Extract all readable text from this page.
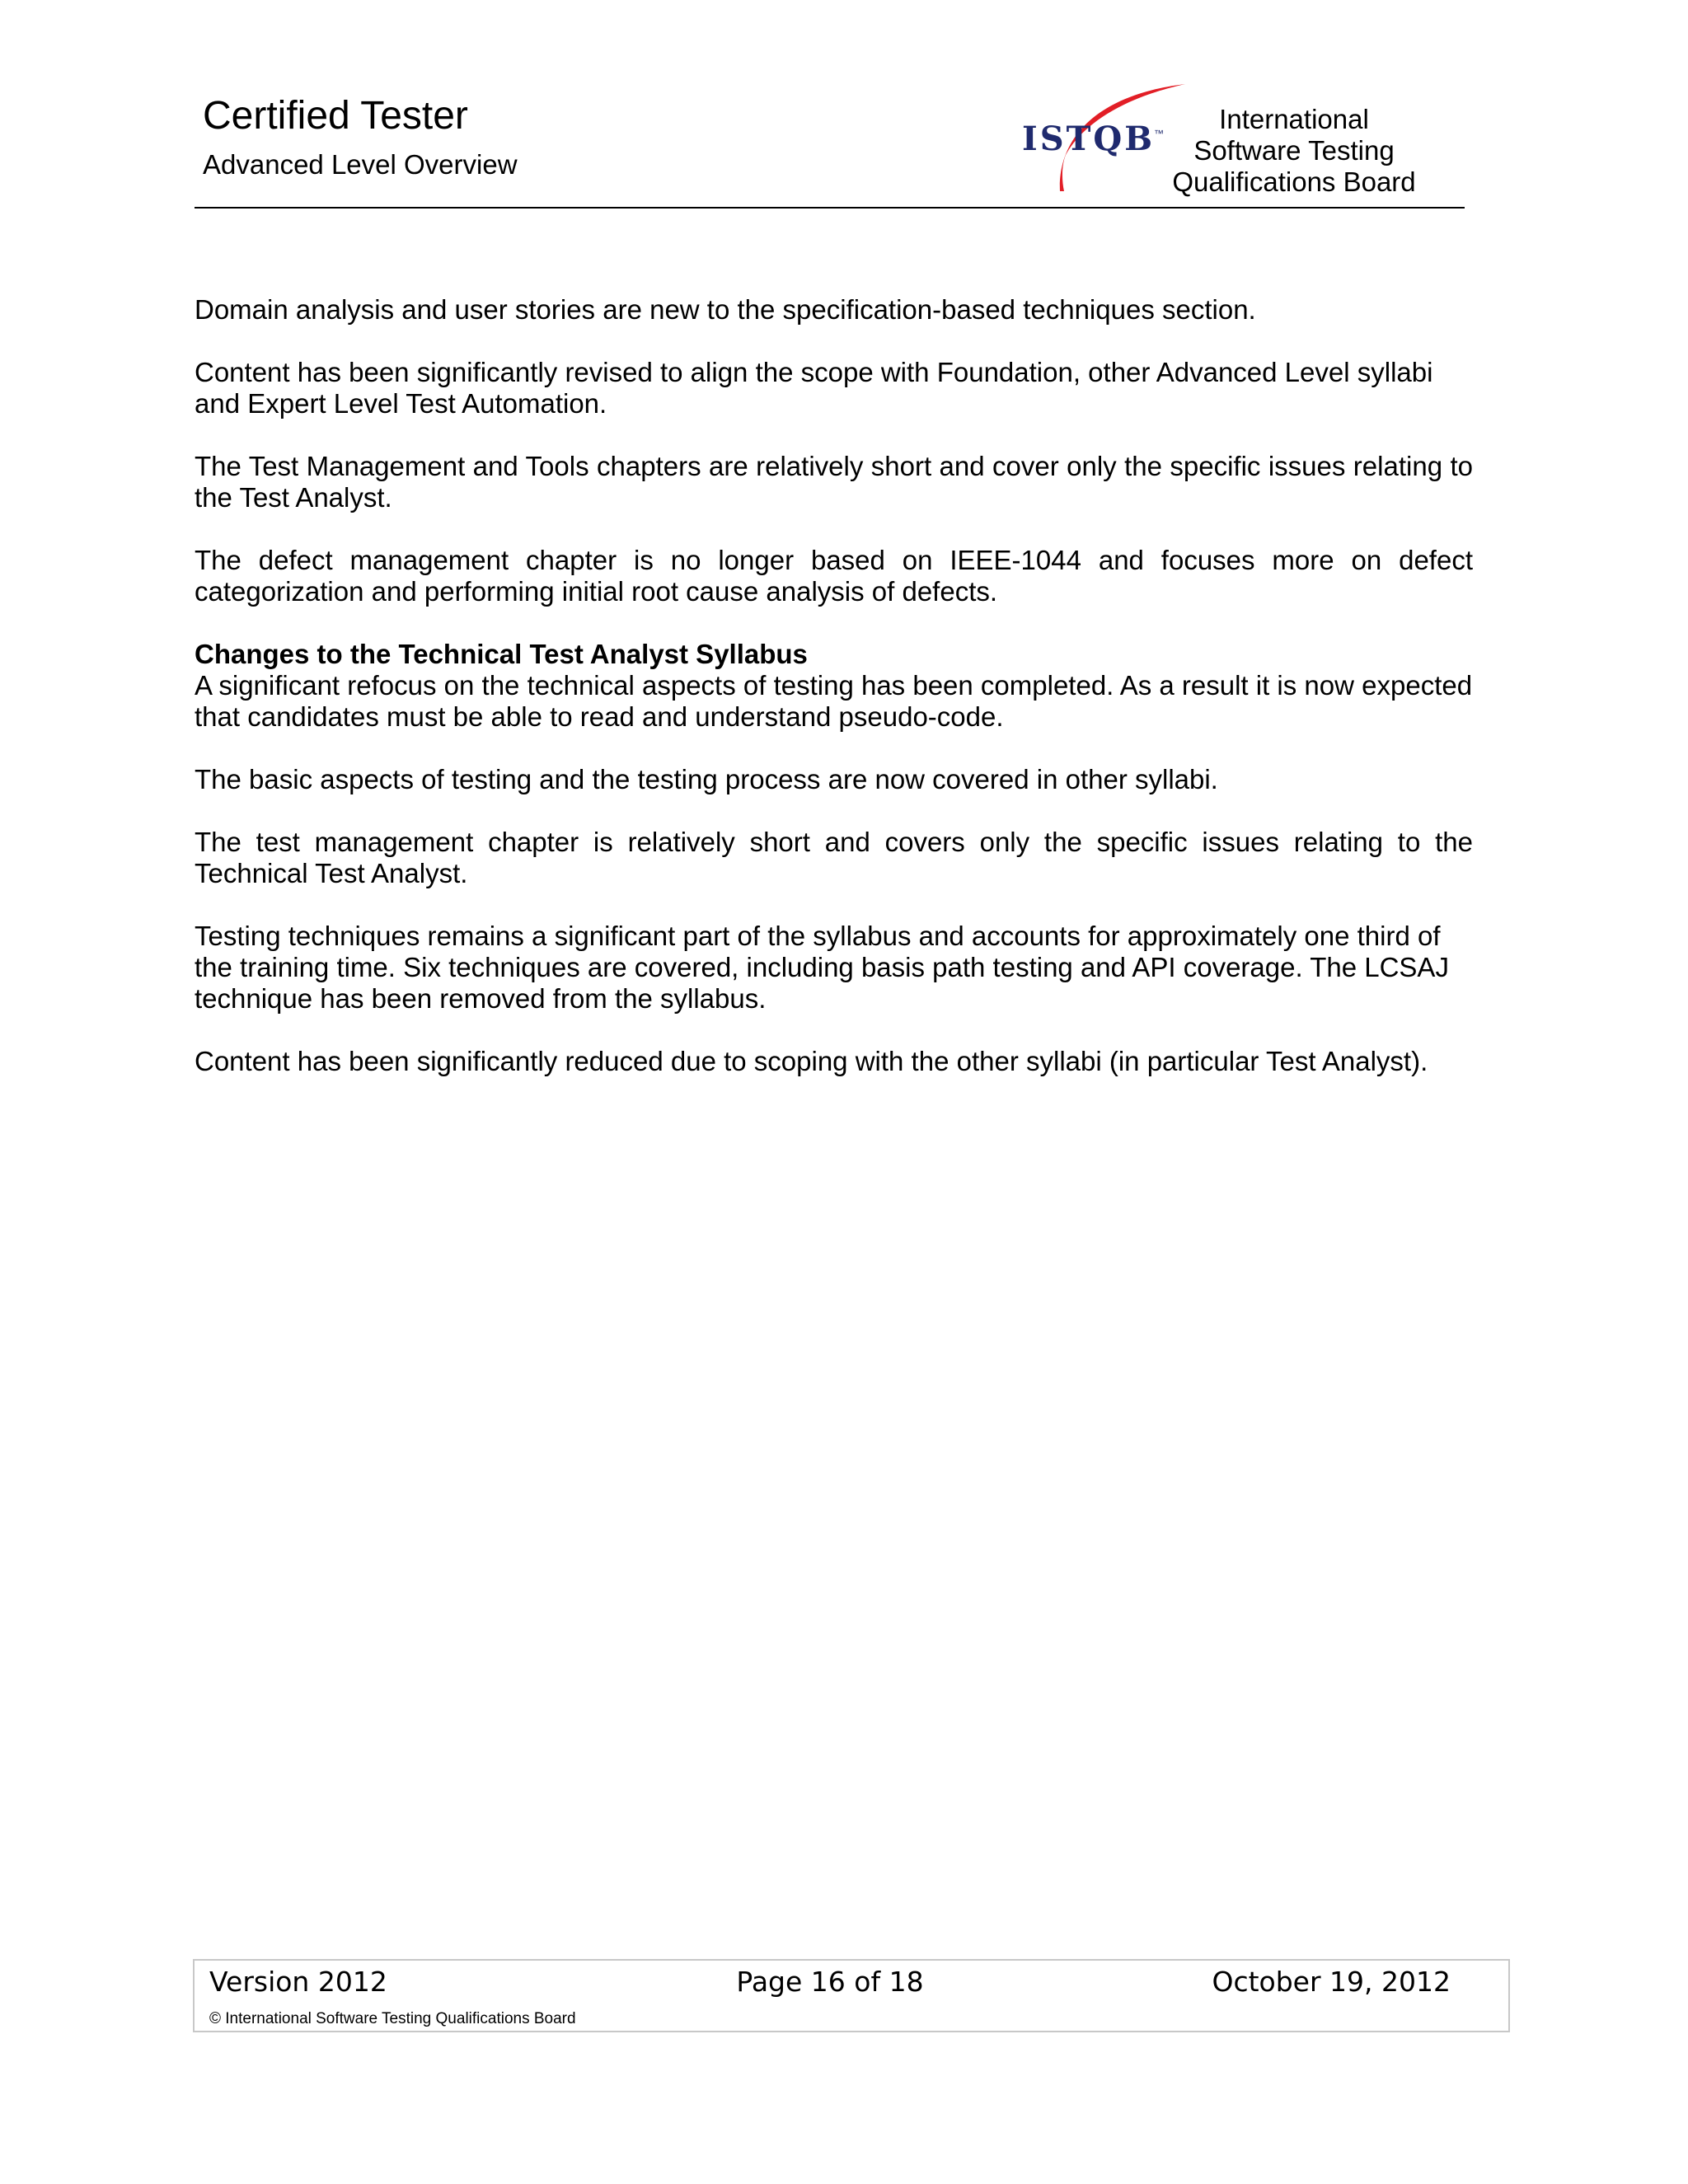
Certified Tester
Advanced Level Overview
ISTQB
™	International
Software Testing
Qualifications Board

Domain analysis and user stories are new to the specification-based techniques section.

Content has been significantly revised to align the scope with Foundation, other Advanced Level syllabi and Expert Level Test Automation.

The Test Management and Tools chapters are relatively short and cover only the specific issues relating to the Test Analyst.

The defect management chapter is no longer based on IEEE-1044 and focuses more on defect categorization and performing initial root cause analysis of defects.

Changes to the Technical Test Analyst Syllabus

A significant refocus on the technical aspects of testing has been completed. As a result it is now expected that candidates must be able to read and understand pseudo-code.

The basic aspects of testing and the testing process are now covered in other syllabi.

The test management chapter is relatively short and covers only the specific issues relating to the Technical Test Analyst.

Testing techniques remains a significant part of the syllabus and accounts for approximately one third of the training time. Six techniques are covered, including basis path testing and API coverage. The LCSAJ technique has been removed from the syllabus.

Content has been significantly reduced due to scoping with the other syllabi (in particular Test Analyst).

Version 2012	Page 16 of 18	October 19, 2012
© International Software Testing Qualifications Board
